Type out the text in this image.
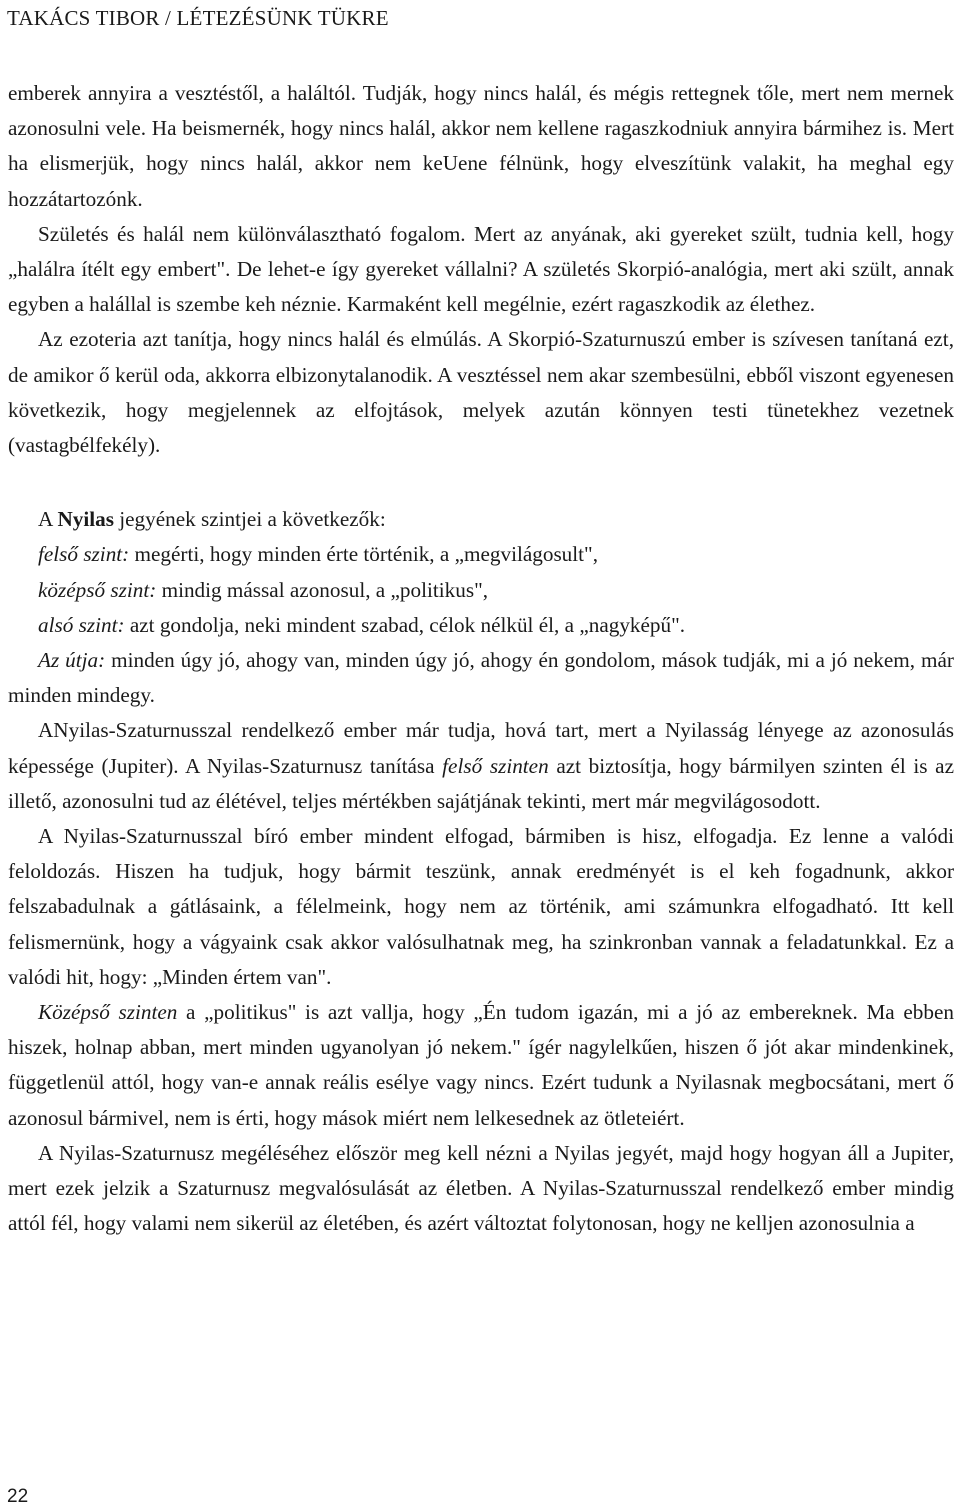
TAKÁCS TIBOR / LÉTEZÉSÜNK TÜKRE

emberek annyira a vesztéstől, a haláltól. Tudják, hogy nincs halál, és mégis rettegnek tőle, mert nem mernek azonosulni vele. Ha beismernék, hogy nincs halál, akkor nem kellene ragaszkodniuk annyira bármihez is. Mert ha elismerjük, hogy nincs halál, akkor nem keUene félnünk, hogy elveszítünk valakit, ha meghal egy hozzátartozónk.

Születés és halál nem különválasztható fogalom. Mert az anyának, aki gyereket szült, tudnia kell, hogy „halálra ítélt egy embert". De lehet-e így gyereket vállalni? A születés Skorpió-analógia, mert aki szült, annak egyben a halállal is szembe keh néznie. Karmaként kell megélnie, ezért ragaszkodik az élethez.

Az ezoteria azt tanítja, hogy nincs halál és elmúlás. A Skorpió-Szaturnuszú ember is szívesen tanítaná ezt, de amikor ő kerül oda, akkorra elbizonytalanodik. A vesztéssel nem akar szembesülni, ebből viszont egyenesen következik, hogy megjelennek az elfojtások, melyek azután könnyen testi tünetekhez vezetnek (vastagbélfekély).

A Nyilas jegyének szintjei a következők:

felső szint: megérti, hogy minden érte történik, a „megvilágosult",
középső szint: mindig mással azonosul, a „politikus",
alsó szint: azt gondolja, neki mindent szabad, célok nélkül él, a „nagyképű".

Az útja: minden úgy jó, ahogy van, minden úgy jó, ahogy én gondolom, mások tudják, mi a jó nekem, már minden mindegy.

ANyilas-Szaturnusszal rendelkező ember már tudja, hová tart, mert a Nyilasság lényege az azonosulás képessége (Jupiter). A Nyilas-Szaturnusz tanítása felső szinten azt biztosítja, hogy bármilyen szinten él is az illető, azonosulni tud az élétével, teljes mértékben sajátjának tekinti, mert már megvilágosodott.

A Nyilas-Szaturnusszal bíró ember mindent elfogad, bármiben is hisz, elfogadja. Ez lenne a valódi feloldozás. Hiszen ha tudjuk, hogy bármit teszünk, annak eredményét is el keh fogadnunk, akkor felszabadulnak a gátlásaink, a félelmeink, hogy nem az történik, ami számunkra elfogadható. Itt kell felismernünk, hogy a vágyaink csak akkor valósulhatnak meg, ha szinkronban vannak a feladatunkkal. Ez a valódi hit, hogy: „Minden értem van".

Középső szinten a „politikus" is azt vallja, hogy „Én tudom igazán, mi a jó az embereknek. Ma ebben hiszek, holnap abban, mert minden ugyanolyan jó nekem." ígér nagylelkűen, hiszen ő jót akar mindenkinek, függetlenül attól, hogy van-e annak reális esélye vagy nincs. Ezért tudunk a Nyilasnak megbocsátani, mert ő azonosul bármivel, nem is érti, hogy mások miért nem lelkesednek az ötleteiért.

A Nyilas-Szaturnusz megéléséhez először meg kell nézni a Nyilas jegyét, majd hogy hogyan áll a Jupiter, mert ezek jelzik a Szaturnusz megvalósulását az életben. A Nyilas-Szaturnusszal rendelkező ember mindig attól fél, hogy valami nem sikerül az életében, és azért változtat folytonosan, hogy ne kelljen azonosulnia a

22
